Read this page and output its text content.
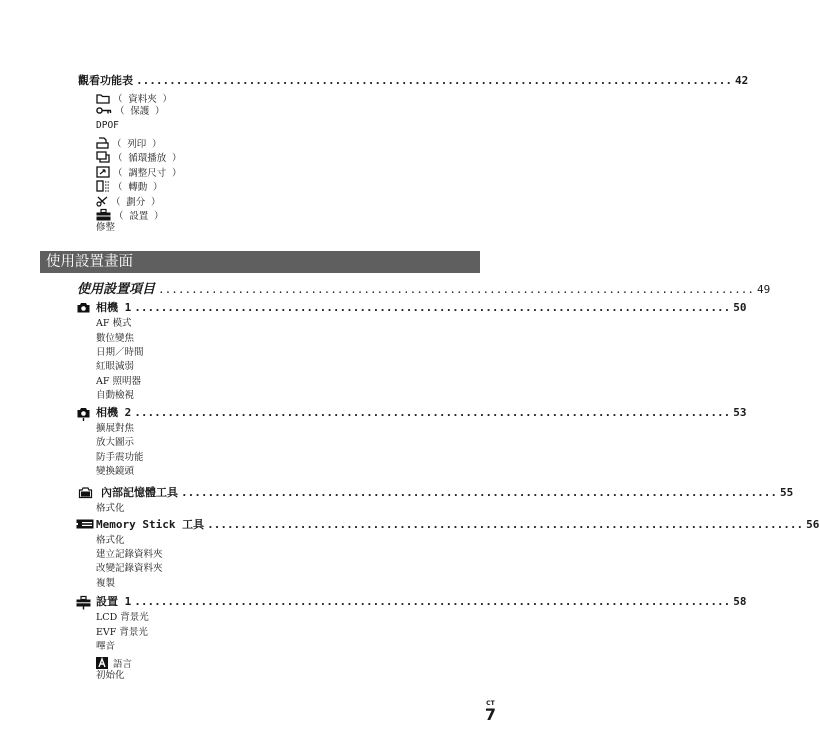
觀看功能表 .......................................................................................... 42
（ 資料夾 ）
（ 保護 ）
DPOF
（ 列印 ）
（ 循環播放 ）
（ 調整尺寸 ）
（ 轉動 ）
（ 劃分 ）
（ 設置 ）
修整
使用設置畫面
使用設置項目 .......................................................................................... 49
相機 1 .......................................................................................... 50
AF 模式
數位變焦
日期／時間
紅眼減弱
AF 照明器
自動檢視
相機 2 .......................................................................................... 53
擴展對焦
放大圖示
防手震功能
變換鏡頭
內部記憶體工具 .......................................................................................... 55
格式化
Memory Stick 工具 .......................................................................................... 56
格式化
建立記錄資料夾
改變記錄資料夾
複製
設置 1 .......................................................................................... 58
LCD 背景光
EVF 背景光
嗶音
語言
初始化
CT
7
